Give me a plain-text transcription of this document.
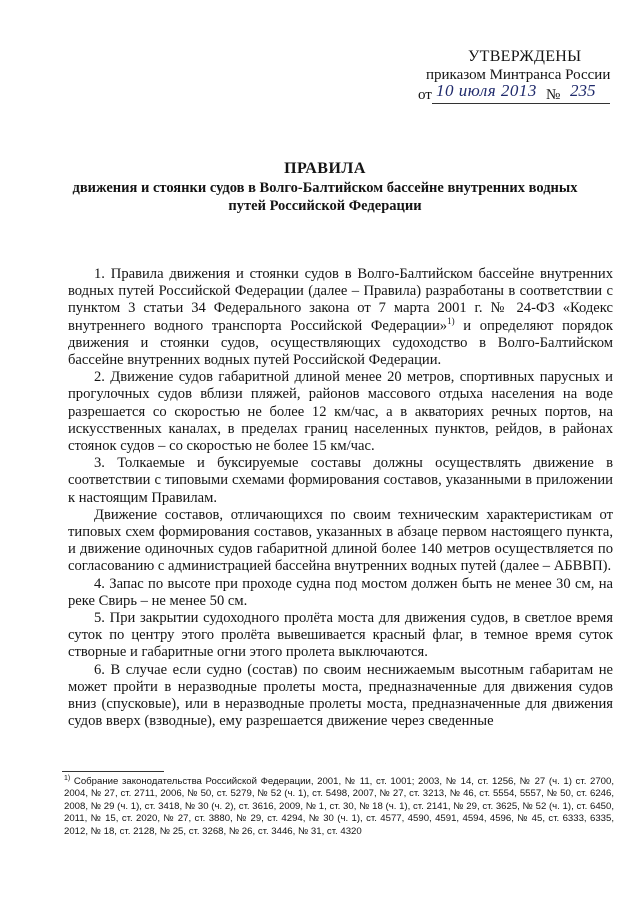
УТВЕРЖДЕНЫ
приказом Минтранса России
от 10 июля 2013 № 235
ПРАВИЛА
движения и стоянки судов в Волго-Балтийском бассейне внутренних водных путей Российской Федерации

1. Правила движения и стоянки судов в Волго-Балтийском бассейне внутренних водных путей Российской Федерации (далее – Правила) разработаны в соответствии с пунктом 3 статьи 34 Федерального закона от 7 марта 2001 г. № 24-ФЗ «Кодекс внутреннего водного транспорта Российской Федерации»$^{1)}$ и определяют порядок движения и стоянки судов, осуществляющих судоходство в Волго-Балтийском бассейне внутренних водных путей Российской Федерации.

2. Движение судов габаритной длиной менее 20 метров, спортивных парусных и прогулочных судов вблизи пляжей, районов массового отдыха населения на воде разрешается со скоростью не более 12 км/час, а в акваториях речных портов, на искусственных каналах, в пределах границ населенных пунктов, рейдов, в районах стоянок судов – со скоростью не более 15 км/час.

3. Толкаемые и буксируемые составы должны осуществлять движение в соответствии с типовыми схемами формирования составов, указанными в приложении к настоящим Правилам.

Движение составов, отличающихся по своим техническим характеристикам от типовых схем формирования составов, указанных в абзаце первом настоящего пункта, и движение одиночных судов габаритной длиной более 140 метров осуществляется по согласованию с администрацией бассейна внутренних водных путей (далее – АБВВП).

4. Запас по высоте при проходе судна под мостом должен быть не менее 30 см, на реке Свирь – не менее 50 см.

5. При закрытии судоходного пролёта моста для движения судов, в светлое время суток по центру этого пролёта вывешивается красный флаг, в темное время суток створные и габаритные огни этого пролета выключаются.

6. В случае если судно (состав) по своим неснижаемым высотным габаритам не может пройти в неразводные пролеты моста, предназначенные для движения судов вниз (спусковые), или в неразводные пролеты моста, предназначенные для движения судов вверх (взводные), ему разрешается движение через сведенные

$^{1)}$ Собрание законодательства Российской Федерации, 2001, № 11, ст. 1001; 2003, № 14, ст. 1256, № 27 (ч. 1) ст. 2700, 2004, № 27, ст. 2711, 2006, № 50, ст. 5279, № 52 (ч. 1), ст. 5498, 2007, № 27, ст. 3213, № 46, ст. 5554, 5557, № 50, ст. 6246, 2008, № 29 (ч. 1), ст. 3418, № 30 (ч. 2), ст. 3616, 2009, № 1, ст. 30, № 18 (ч. 1), ст. 2141, № 29, ст. 3625, № 52 (ч. 1), ст. 6450, 2011, № 15, ст. 2020, № 27, ст. 3880, № 29, ст. 4294, № 30 (ч. 1), ст. 4577, 4590, 4591, 4594, 4596, № 45, ст. 6333, 6335, 2012, № 18, ст. 2128, № 25, ст. 3268, № 26, ст. 3446, № 31, ст. 4320
